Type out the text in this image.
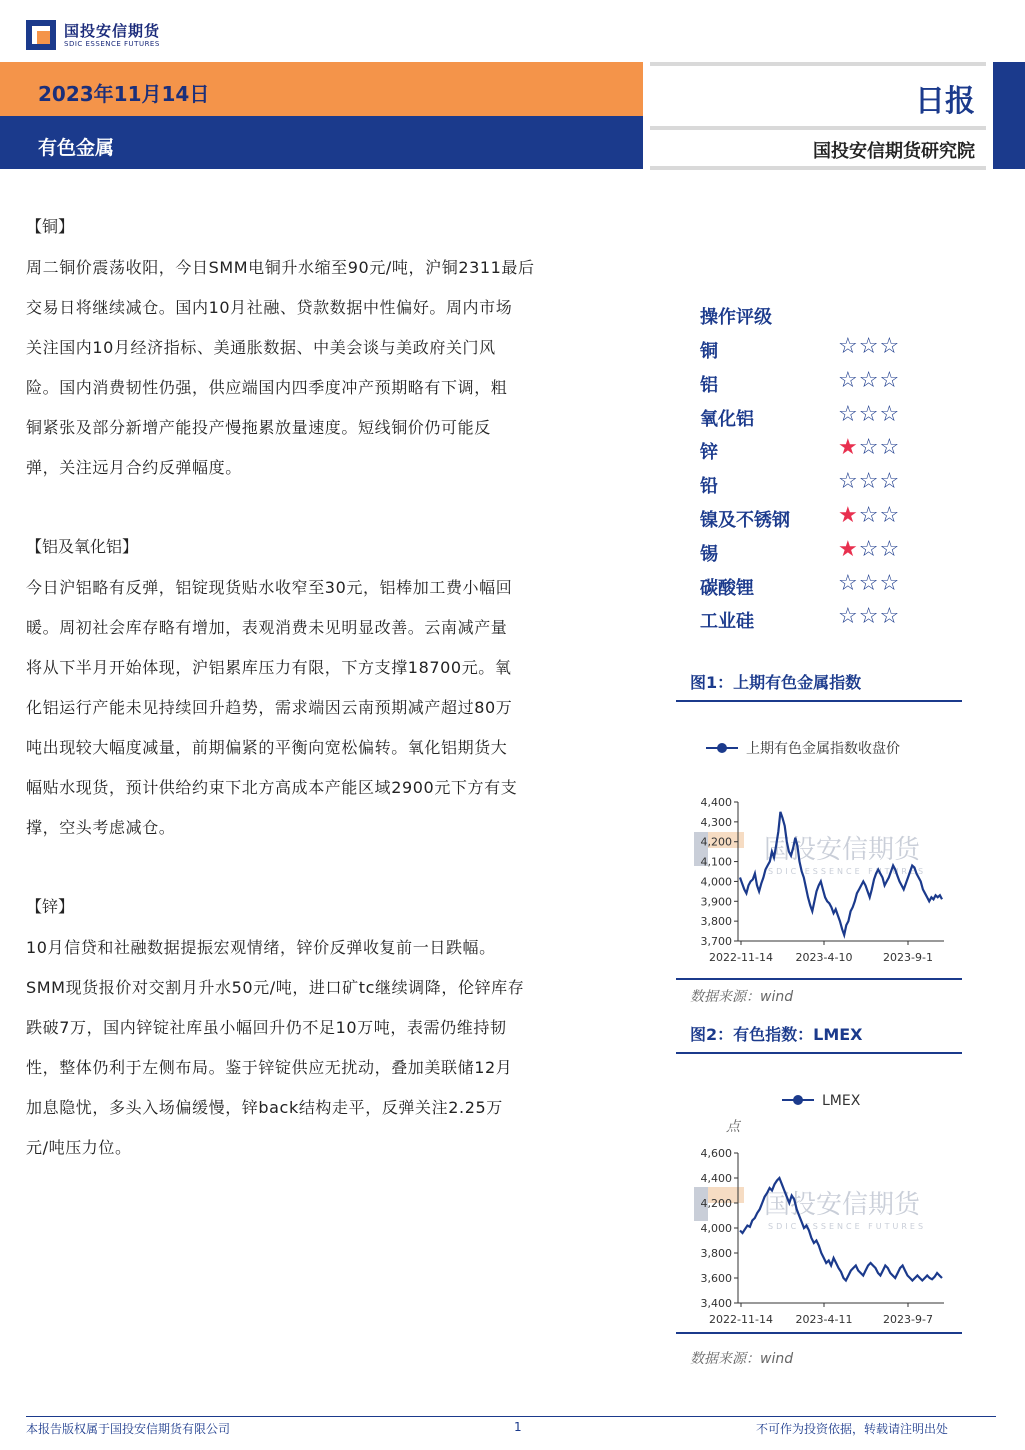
国投安信期货
SDIC ESSENCE FUTURES
2023年11月14日
有色金属
日报
国投安信期货研究院
【铜】
周二铜价震荡收阳，今日SMM电铜升水缩至90元/吨，沪铜2311最后
交易日将继续减仓。国内10月社融、贷款数据中性偏好。周内市场
关注国内10月经济指标、美通胀数据、中美会谈与美政府关门风
险。国内消费韧性仍强，供应端国内四季度冲产预期略有下调，粗
铜紧张及部分新增产能投产慢拖累放量速度。短线铜价仍可能反
弹，关注远月合约反弹幅度。
【铝及氧化铝】
今日沪铝略有反弹，铝锭现货贴水收窄至30元，铝棒加工费小幅回
暖。周初社会库存略有增加，表观消费未见明显改善。云南减产量
将从下半月开始体现，沪铝累库压力有限，下方支撑18700元。氧
化铝运行产能未见持续回升趋势，需求端因云南预期减产超过80万
吨出现较大幅度减量，前期偏紧的平衡向宽松偏转。氧化铝期货大
幅贴水现货，预计供给约束下北方高成本产能区域2900元下方有支
撑，空头考虑减仓。
【锌】
10月信贷和社融数据提振宏观情绪，锌价反弹收复前一日跌幅。
SMM现货报价对交割月升水50元/吨，进口矿tc继续调降，伦锌库存
跌破7万，国内锌锭社库虽小幅回升仍不足10万吨，表需仍维持韧
性，整体仍利于左侧布局。鉴于锌锭供应无扰动，叠加美联储12月
加息隐忧，多头入场偏缓慢，锌back结构走平，反弹关注2.25万
元/吨压力位。
操作评级
铜	☆☆☆
铝	☆☆☆
氧化铝	☆☆☆
锌	★☆☆
铅	☆☆☆
镍及不锈钢 ★☆☆
锡	★☆☆
碳酸锂	☆☆☆
工业硅	☆☆☆
图1：上期有色金属指数
上期有色金属指数收盘价
国投安信期货
SDIC ESSENCE FUTURES
3,700
3,800
3,900
4,000
4,100
4,200
4,300
4,400
2022-11-14 2023-4-10	2023-9-1
数据来源：wind
图2：有色指数：LMEX
LMEX
点
国投安信期货
SDIC ESSENCE FUTURES
3,400
3,600
3,800
4,000
4,200
4,400
4,600
2022-11-14 2023-4-11	2023-9-7
数据来源：wind
本报告版权属于国投安信期货有限公司	1	不可作为投资依据，转载请注明出处
